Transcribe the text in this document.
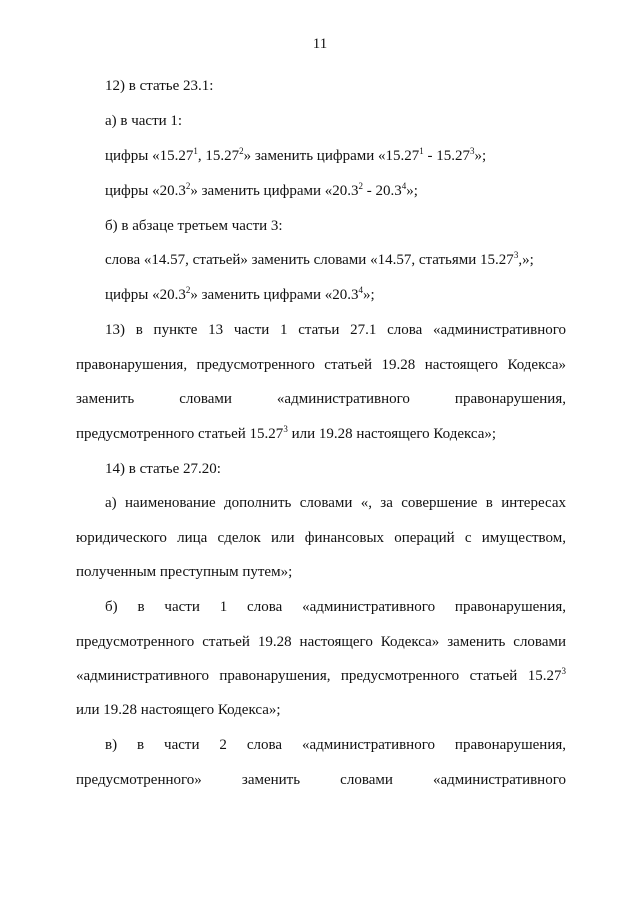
11
12) в статье 23.1:
а) в части 1:
цифры «15.27$^1$, 15.27$^2$» заменить цифрами «15.27$^1$ - 15.27$^3$»;
цифры «20.3$^2$» заменить цифрами «20.3$^2$ - 20.3$^4$»;
б) в абзаце третьем части 3:
слова «14.57, статьей» заменить словами «14.57, статьями 15.27$^3$,»;
цифры «20.3$^2$» заменить цифрами «20.3$^4$»;
13) в пункте 13 части 1 статьи 27.1 слова «административного
правонарушения, предусмотренного статьей 19.28 настоящего Кодекса»
заменить словами «административного правонарушения,
предусмотренного статьей 15.27$^3$ или 19.28 настоящего Кодекса»;
14) в статье 27.20:
а) наименование дополнить словами «, за совершение в интересах
юридического лица сделок или финансовых операций с имуществом,
полученным преступным путем»;
б) в части 1 слова «административного правонарушения,
предусмотренного статьей 19.28 настоящего Кодекса» заменить словами
«административного правонарушения, предусмотренного статьей 15.27$^3$
или 19.28 настоящего Кодекса»;
в) в части 2 слова «административного правонарушения,
предусмотренного» заменить словами «административного
